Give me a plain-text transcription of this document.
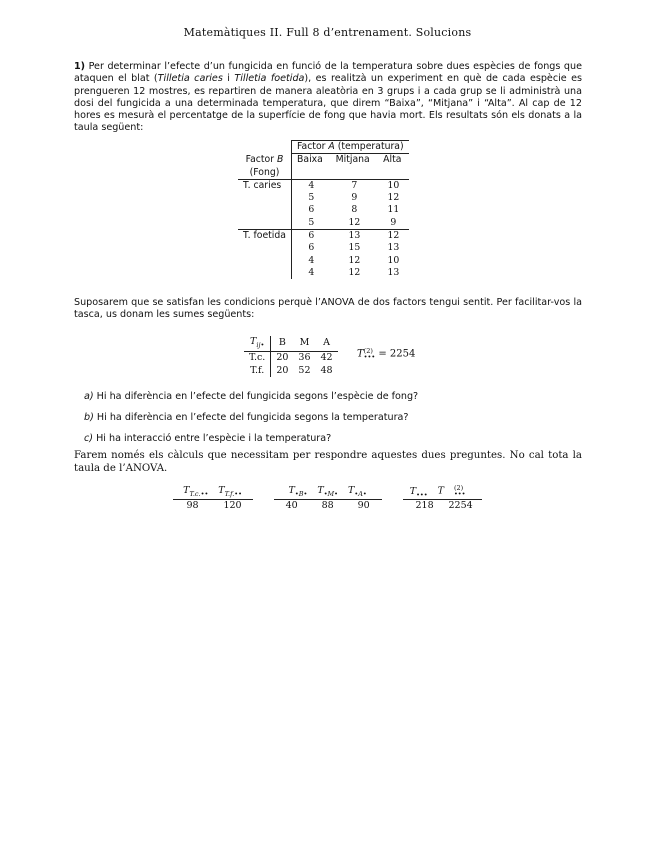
Matemàtiques II. Full 8 d’entrenament. Solucions
1) Per determinar l’efecte d’un fungicida en funció de la temperatura sobre dues espècies de fongs que ataquen el blat (Tilletia caries i Tilletia foetida), es realitzà un experiment en què de cada espècie es prengueren 12 mostres, es repartiren de manera aleatòria en 3 grups i a cada grup se li administrà una dosi del fungicida a una determinada temperatura, que direm “Baixa”, “Mitjana” i “Alta”. Al cap de 12 hores es mesurà el percentatge de la superfície de fong que havia mort. Els resultats són els donats a la taula següent:
	Factor A (temperatura)		
Factor B	Baixa	Mitjana	Alta
(Fong)			
T. caries	4	7	10
	5	9	12
	6	8	11
	5	12	9
T. foetida	6	13	12
	6	15	13
	4	12	10
	4	12	13
Suposarem que se satisfan les condicions perquè l’ANOVA de dos factors tengui sentit. Per facilitar-vos la tasca, us donam les sumes següents:
$T_{ij•}$	B	M	A
T.c.	20	36	42
T.f.	20	52	48
T (2)
••• = 2254
a) Hi ha diferència en l’efecte del fungicida segons l’espècie de fong?
b) Hi ha diferència en l’efecte del fungicida segons la temperatura?
c) Hi ha interacció entre l’espècie i la temperatura?
Farem només els càlculs que necessitam per respondre aquestes dues preguntes. No cal tota la taula de l’ANOVA.
$T_{T.c.••}$ $T_{T.f.••}$
98	120
$T_{•B•}$ $T_{•M•}$ $T_{•A•}$
40	88	90
$T_{•••}$ T	(2)
•••
218 2254
